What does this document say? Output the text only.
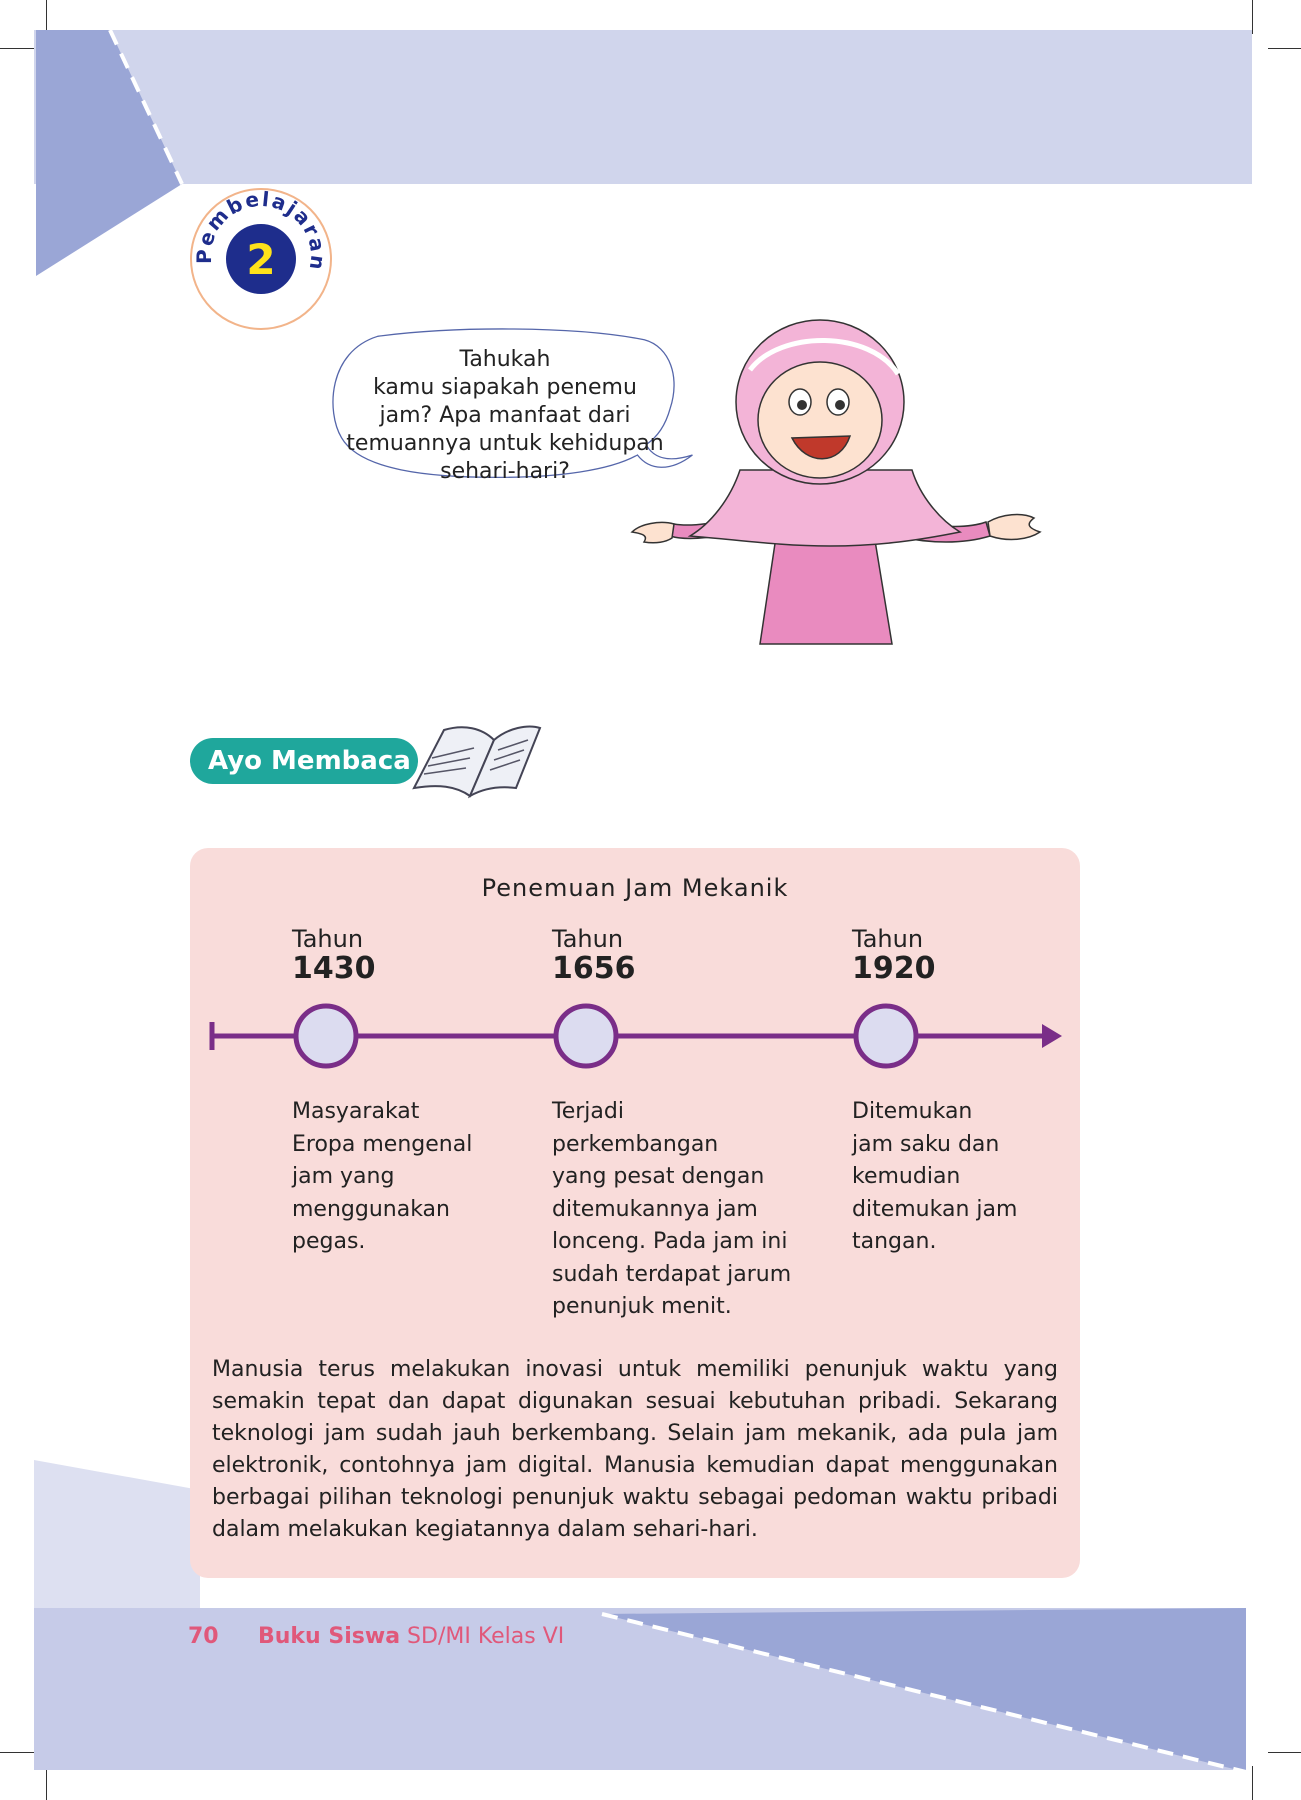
Pembelajaran
2
Tahukah
kamu siapakah penemu
jam? Apa manfaat dari
temuannya untuk kehidupan
sehari-hari?
Ayo Membaca
Penemuan Jam Mekanik
Tahun
1430
Tahun
1656
Tahun
1920
Masyarakat
Eropa mengenal
jam yang
menggunakan
pegas.
Terjadi
perkembangan
yang pesat dengan
ditemukannya jam
lonceng. Pada jam ini
sudah terdapat jarum
penunjuk menit.
Ditemukan
jam saku dan
kemudian
ditemukan jam
tangan.
Manusia terus melakukan inovasi untuk memiliki penunjuk waktu yang semakin tepat dan dapat digunakan sesuai kebutuhan pribadi. Sekarang teknologi jam sudah jauh berkembang. Selain jam mekanik, ada pula jam elektronik, contohnya jam digital. Manusia kemudian dapat menggunakan berbagai pilihan teknologi penunjuk waktu sebagai pedoman waktu pribadi dalam melakukan kegiatannya dalam sehari-hari.
70 Buku Siswa SD/MI Kelas VI
